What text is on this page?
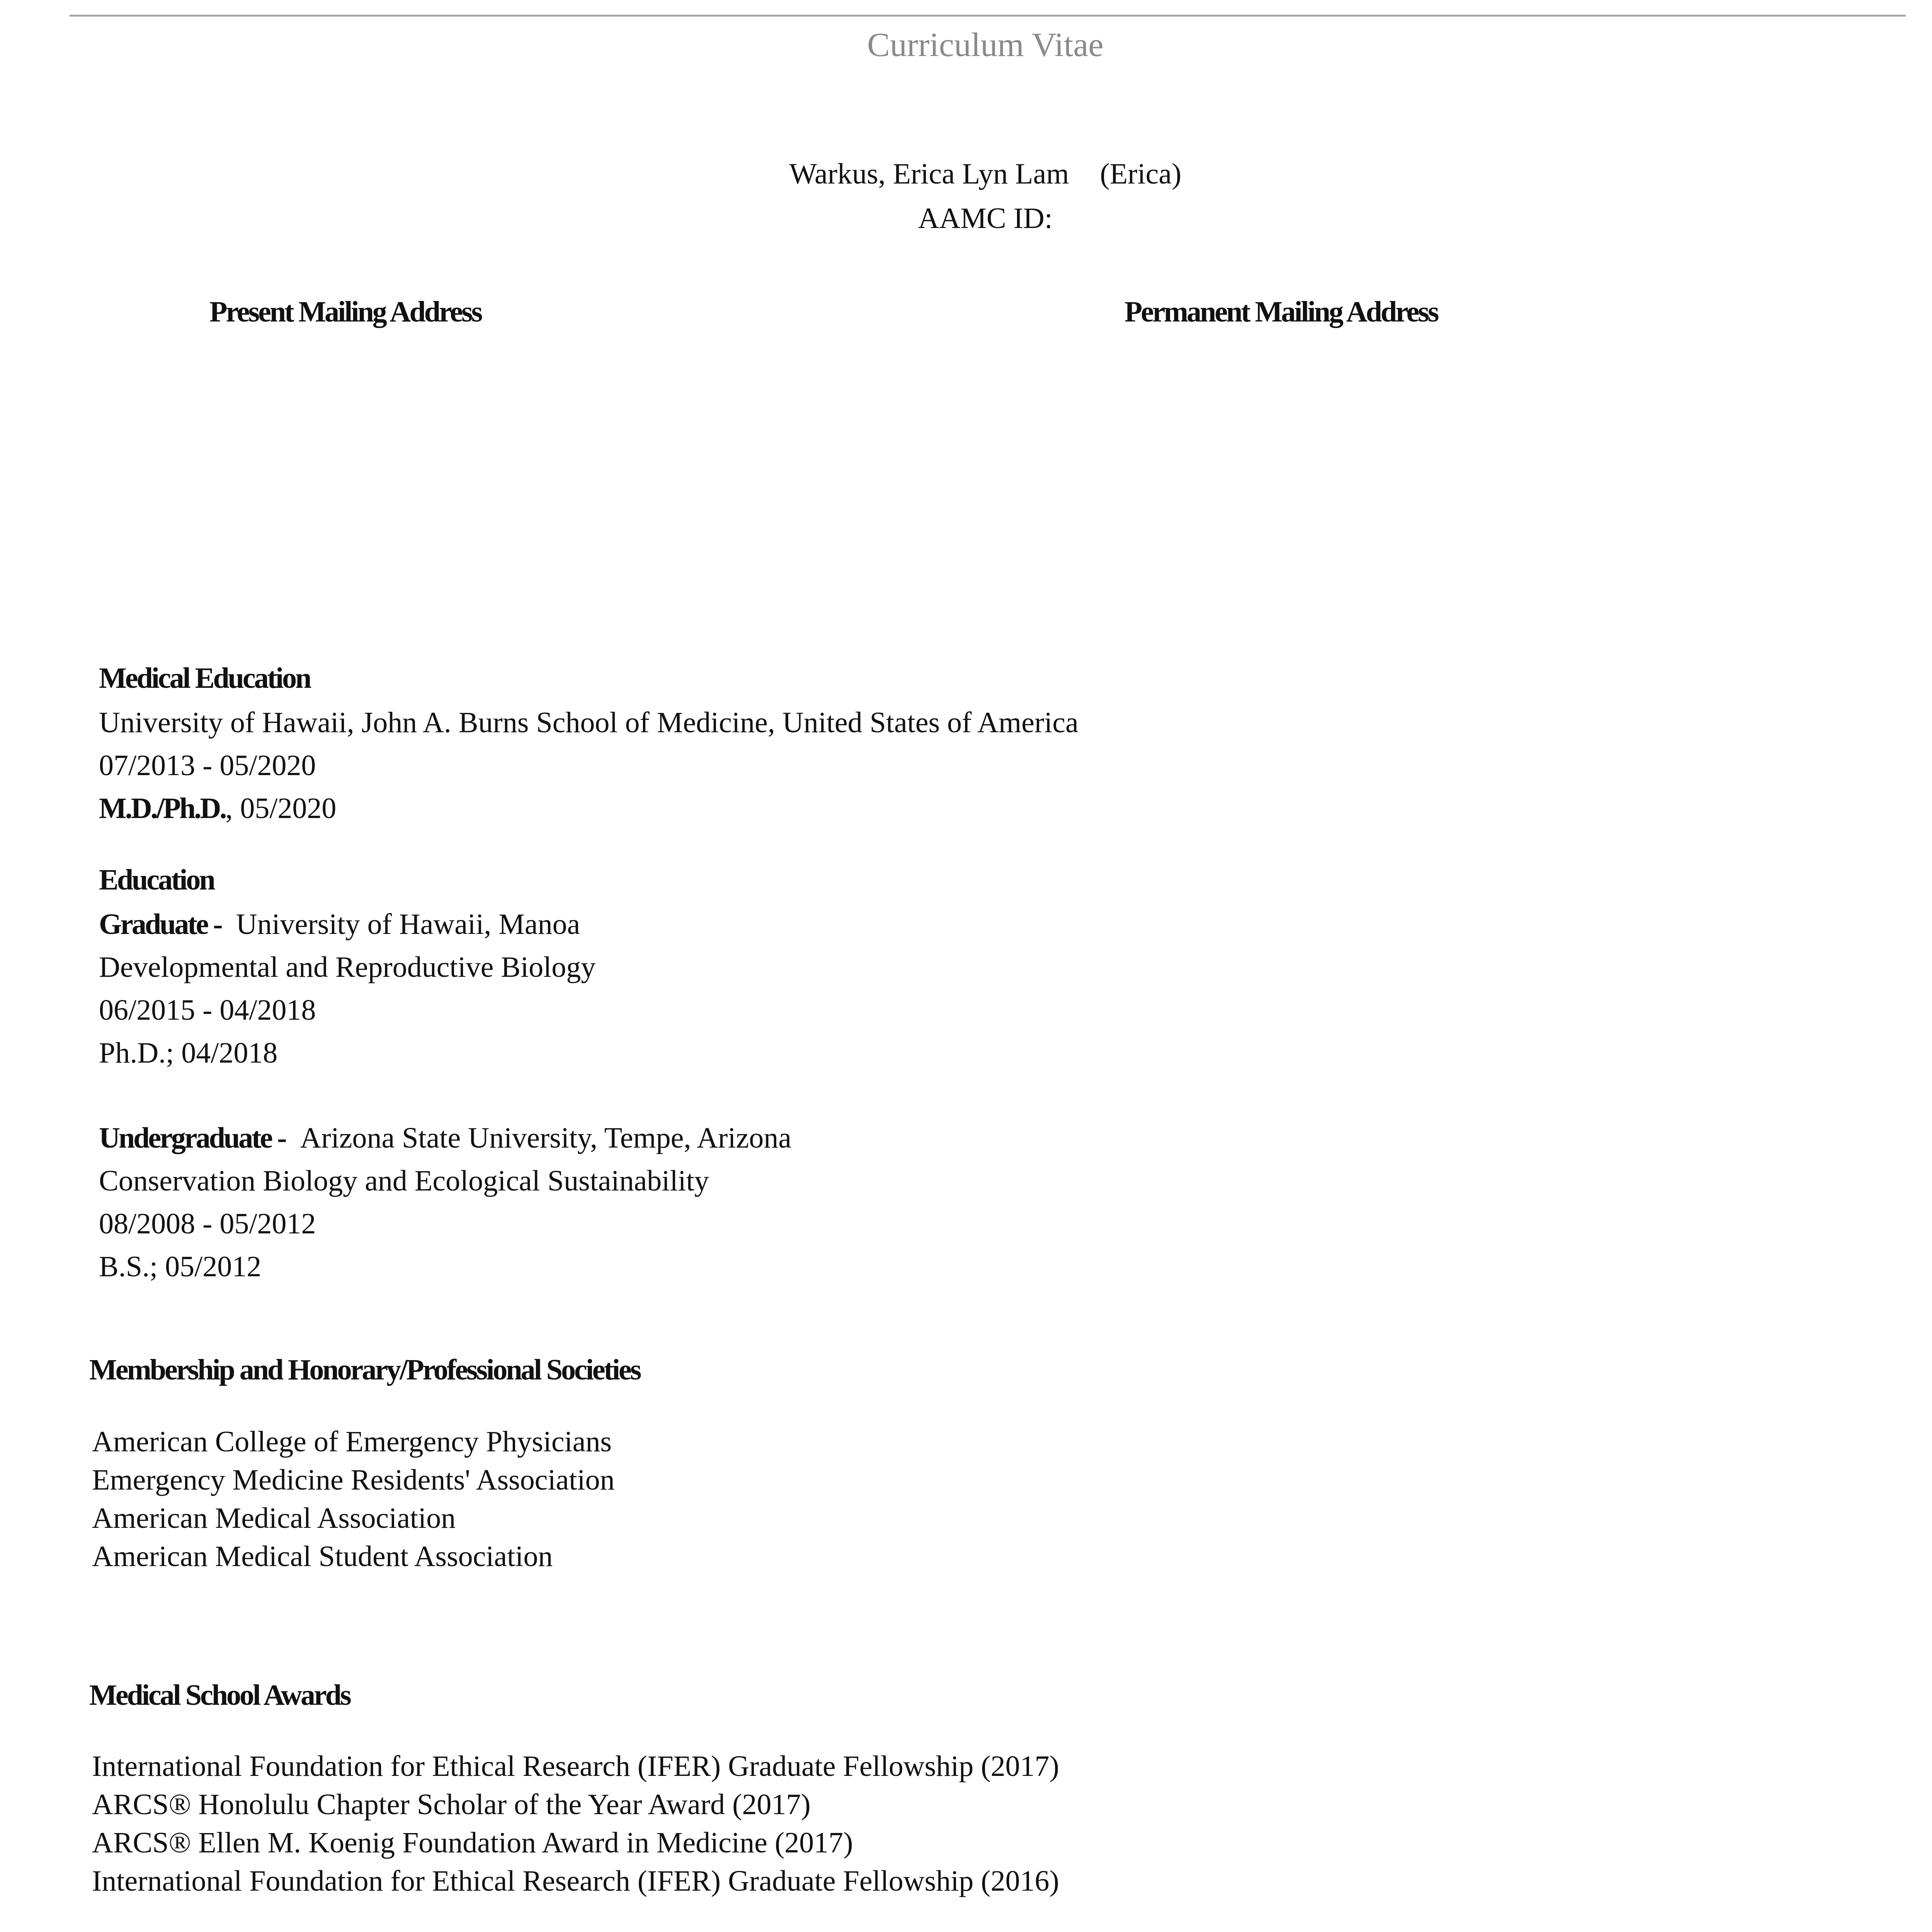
Curriculum Vitae
Warkus, Erica Lyn Lam (Erica)
AAMC ID:
Present Mailing Address	Permanent Mailing Address
Medical Education
University of Hawaii, John A. Burns School of Medicine, United States of America
07/2013 - 05/2020
M.D./Ph.D., 05/2020
Education
Graduate - University of Hawaii, Manoa
Developmental and Reproductive Biology
06/2015 - 04/2018
Ph.D.; 04/2018
Undergraduate - Arizona State University, Tempe, Arizona
Conservation Biology and Ecological Sustainability
08/2008 - 05/2012
B.S.; 05/2012
Membership and Honorary/Professional Societies
American College of Emergency Physicians
Emergency Medicine Residents' Association
American Medical Association
American Medical Student Association
Medical School Awards
International Foundation for Ethical Research (IFER) Graduate Fellowship (2017)
ARCS® Honolulu Chapter Scholar of the Year Award (2017)
ARCS® Ellen M. Koenig Foundation Award in Medicine (2017)
International Foundation for Ethical Research (IFER) Graduate Fellowship (2016)
